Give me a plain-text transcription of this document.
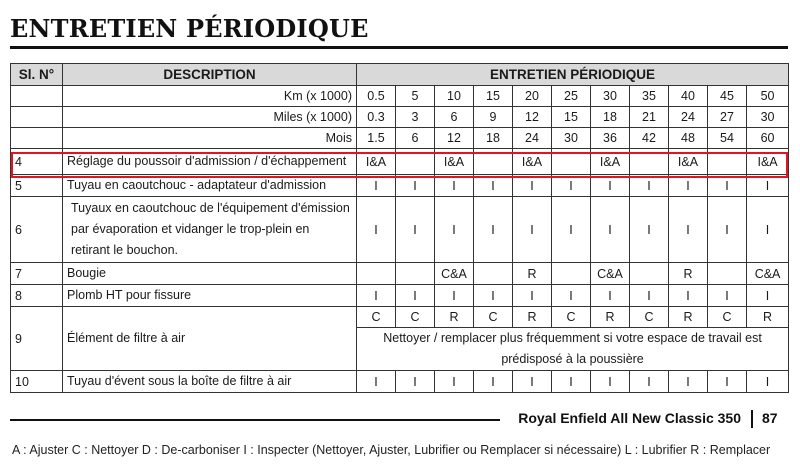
ENTRETIEN PÉRIODIQUE
Sl. N°	DESCRIPTION	ENTRETIEN PÉRIODIQUE										
	Km (x 1000)	0.5	5	10	15	20	25	30	35	40	45	50
	Miles (x 1000)	0.3	3	6	9	12	15	18	21	24	27	30
	Mois	1.5	6	12	18	24	30	36	42	48	54	60
4	Réglage du poussoir d'admission / d'échappement	I&A		I&A		I&A		I&A		I&A		I&A
5	Tuyau en caoutchouc - adaptateur d'admission	I	I	I	I	I	I	I	I	I	I	I
6	Tuyaux en caoutchouc de l'équipement d'émission par évaporation et vidanger le trop-plein en retirant le bouchon.	I	I	I	I	I	I	I	I	I	I	I
7	Bougie			C&A		R		C&A		R		C&A
8	Plomb HT pour fissure	I	I	I	I	I	I	I	I	I	I	I
9	Élément de filtre à air	C	C	R	C	R	C	R	C	R	C	R
		Nettoyer / remplacer plus fréquemment si votre espace de travail est prédisposé à la poussière										
10	Tuyau d'évent sous la boîte de filtre à air	I	I	I	I	I	I	I	I	I	I	I
Royal Enfield All New Classic 350 87
A : Ajuster C : Nettoyer D : De-carboniser I : Inspecter (Nettoyer, Ajuster, Lubrifier ou Remplacer si nécessaire) L : Lubrifier R : Remplacer
